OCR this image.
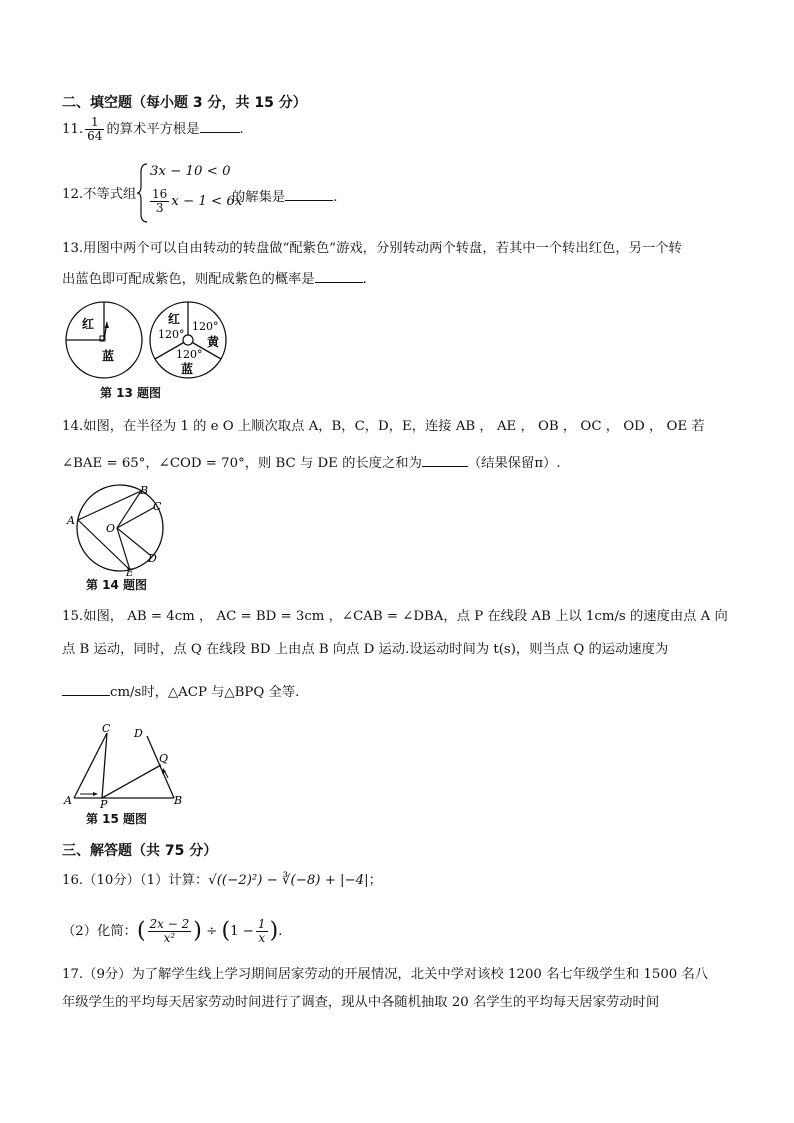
二、填空题（每小题 3 分，共 15 分）
11. $\frac{1}{64}$ 的算术平方根是	.
12.不等式组
3x − 10 < 0
$\frac{16}{3}$ x − 1 < 6x
的解集是	.
13.用图中两个可以自由转动的转盘做“配紫色”游戏，分别转动两个转盘，若其中一个转出红色，另一个转
出蓝色即可配成紫色，则配成紫色的概率是	.
红
蓝
红
120°
120°
黄
120°
蓝
第 13 题图
14.如图，在半径为 1 的 e O 上顺次取点 A，B，C，D，E，连接 AB ， AE ， OB ， OC ， OD ， OE 若
∠BAE = 65°，∠COD = 70°，则 BC 与 DE 的长度之和为	（结果保留π）.
A
B
C
D
E
O
第 14 题图
15.如图， AB = 4cm ， AC = BD = 3cm ，∠CAB = ∠DBA，点 P 在线段 AB 上以 1cm/s 的速度由点 A 向
点 B 运动，同时，点 Q 在线段 BD 上由点 B 向点 D 运动.设运动时间为 t(s)，则当点 Q 的运动速度为
cm/s时，△ACP 与△BPQ 全等.
A	B
C D
P
Q
第 15 题图
三、解答题（共 75 分）
16.（10分）（1）计算：√((−2)²) − ∛(−8) + |−4|；
（2）化简：( $\frac{2x - 2}{\text{x²}}$ ) ÷ ($1 - \frac{1}{x}$ ).
17.（9分）为了解学生线上学习期间居家劳动的开展情况，北关中学对该校 1200 名七年级学生和 1500 名八
年级学生的平均每天居家劳动时间进行了调查，现从中各随机抽取 20 名学生的平均每天居家劳动时间
